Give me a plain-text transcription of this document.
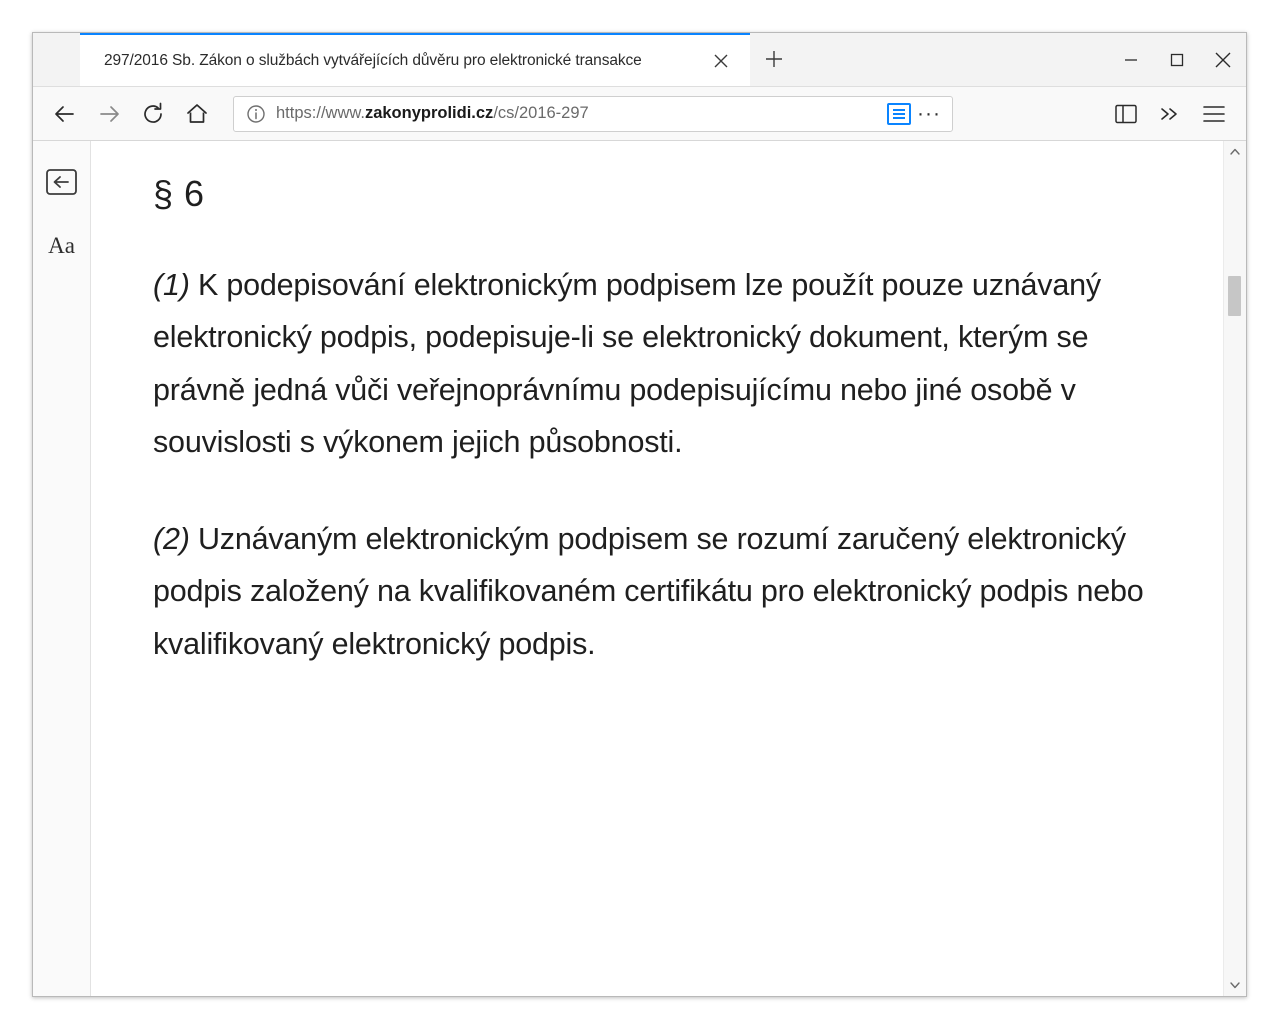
297/2016 Sb. Zákon o službách vytvářejících důvěru pro elektronické transakce
https://www.zakonyprolidi.cz/cs/2016-297	···
Aa
§ 6

(1) K podepisování elektronickým podpisem lze použít pouze uznávaný elektronický podpis, podepisuje-li se elektronický dokument, kterým se právně jedná vůči veřejnoprávnímu podepisujícímu nebo jiné osobě v souvislosti s výkonem jejich působnosti.

(2) Uznávaným elektronickým podpisem se rozumí zaručený elektronický podpis založený na kvalifikovaném certifikátu pro elektronický podpis nebo kvalifikovaný elektronický podpis.
